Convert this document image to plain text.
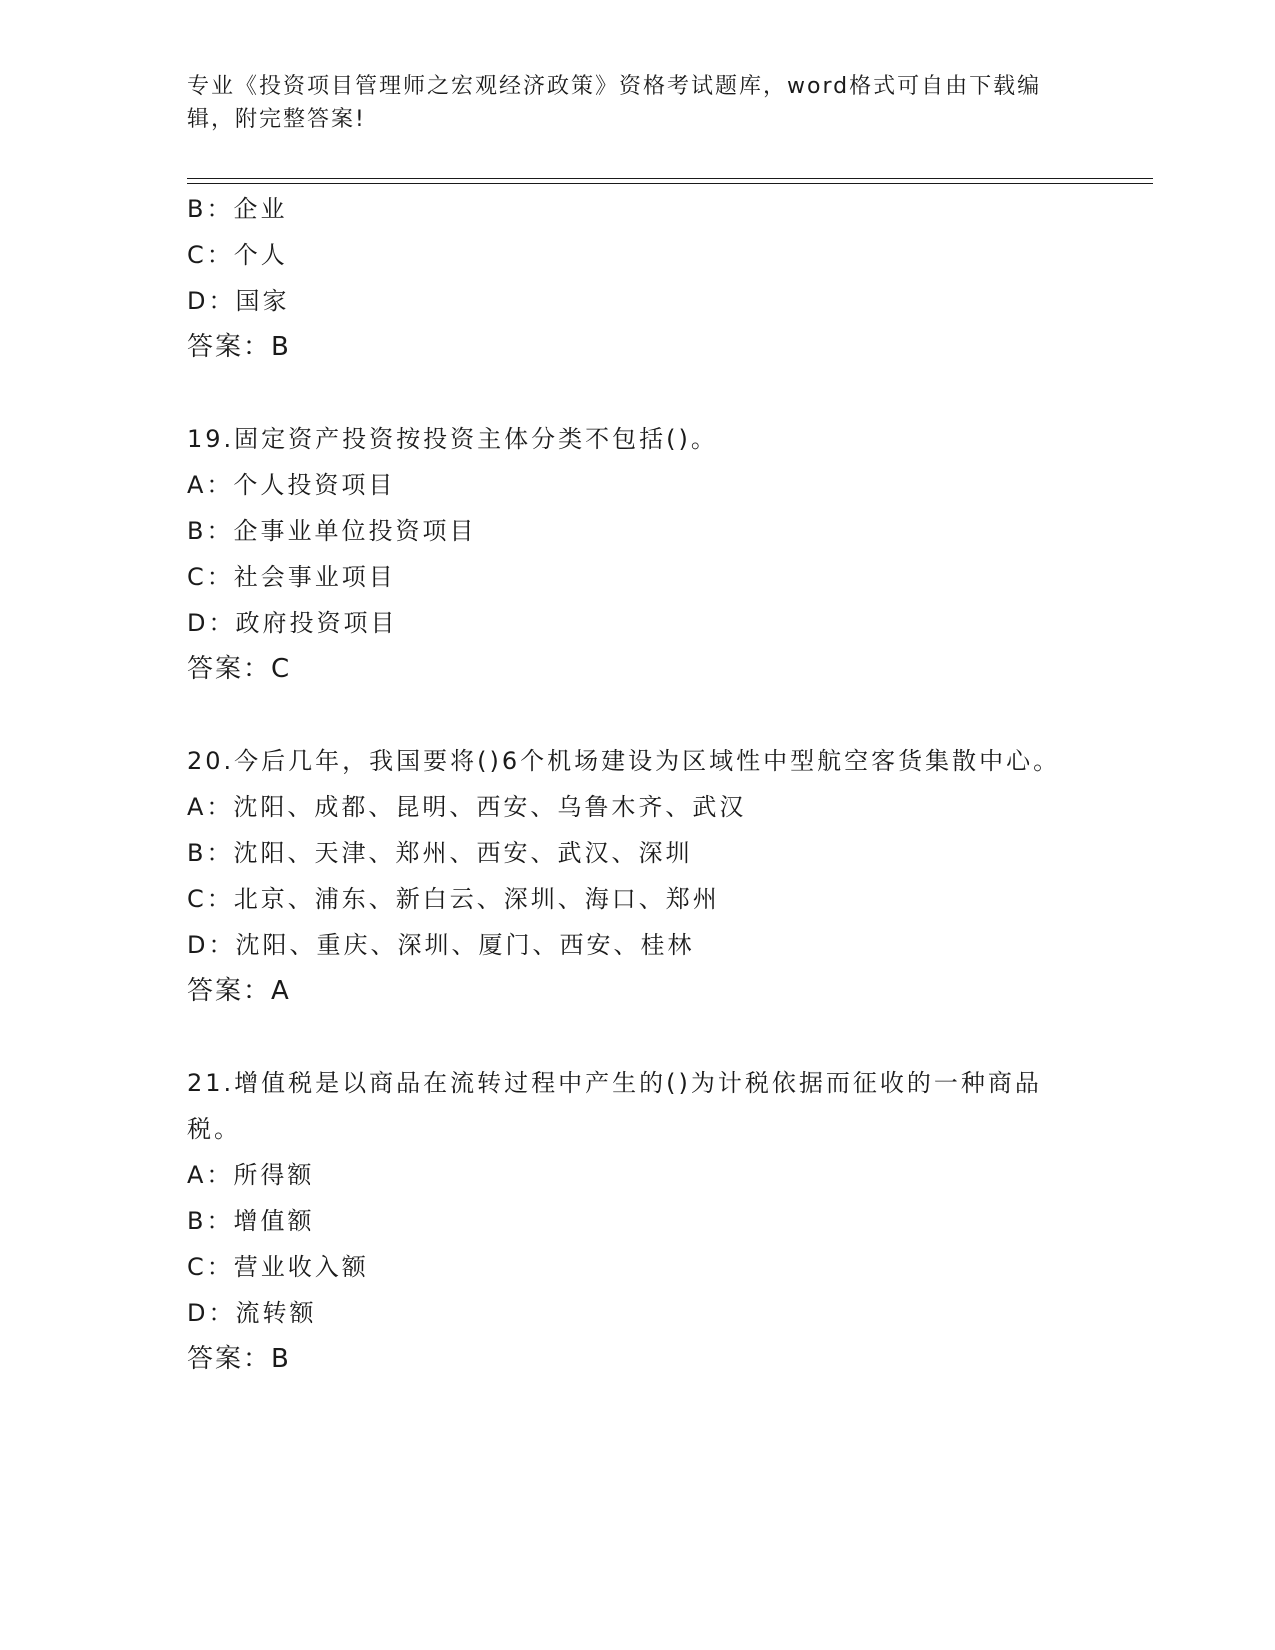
专业《投资项目管理师之宏观经济政策》资格考试题库，word格式可自由下载编辑，附完整答案!
B：企业
C：个人
D：国家
答案：B
19.固定资产投资按投资主体分类不包括()。
A：个人投资项目
B：企事业单位投资项目
C：社会事业项目
D：政府投资项目
答案：C
20.今后几年，我国要将()6个机场建设为区域性中型航空客货集散中心。
A：沈阳、成都、昆明、西安、乌鲁木齐、武汉
B：沈阳、天津、郑州、西安、武汉、深圳
C：北京、浦东、新白云、深圳、海口、郑州
D：沈阳、重庆、深圳、厦门、西安、桂林
答案：A
21.增值税是以商品在流转过程中产生的()为计税依据而征收的一种商品税。
A：所得额
B：增值额
C：营业收入额
D：流转额
答案：B
